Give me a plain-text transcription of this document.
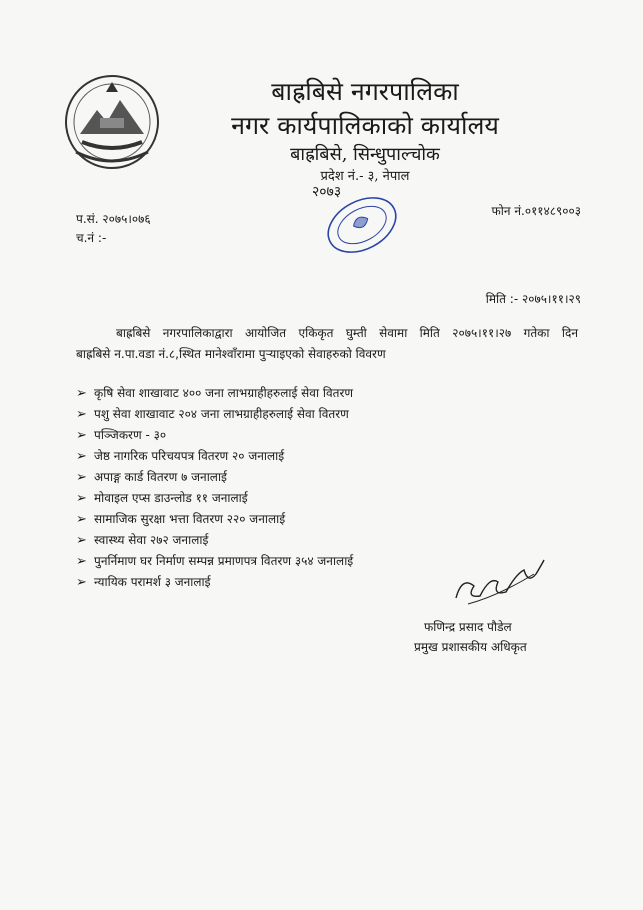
बाह्रबिसे नगरपालिका
नगर कार्यपालिकाको कार्यालय
बाह्रबिसे, सिन्धुपाल्चोक
प्रदेश नं.- ३, नेपाल
२०७३
फोन नं.०११४८९००३
प.सं. २०७५।०७६
च.नं :-
मिति :- २०७५।११।२९
बाह्रबिसे नगरपालिकाद्वारा आयोजित एकिकृत घुम्ती सेवामा मिति २०७५।११।२७ गतेका दिन
बाह्रबिसे न.पा.वडा नं.८,स्थित मानेश्वाँरामा पुऱ्याइएको सेवाहरुको विवरण
➢ कृषि सेवा शाखावाट ४०० जना लाभग्राहीहरुलाई सेवा वितरण
➢ पशु सेवा शाखावाट २०४ जना लाभग्राहीहरुलाई सेवा वितरण
➢ पञ्जिकरण - ३०
➢ जेष्ठ नागरिक परिचयपत्र वितरण २० जनालाई
➢ अपाङ्ग कार्ड वितरण ७ जनालाई
➢ मोवाइल एप्स डाउन्लोड ११ जनालाई
➢ सामाजिक सुरक्षा भत्ता वितरण २२० जनालाई
➢ स्वास्थ्य सेवा २७२ जनालाई
➢ पुनर्निमाण घर निर्माण सम्पन्न प्रमाणपत्र वितरण ३५४ जनालाई
➢ न्यायिक परामर्श ३ जनालाई
फणिन्द्र प्रसाद पौडेल
प्रमुख प्रशासकीय अधिकृत
